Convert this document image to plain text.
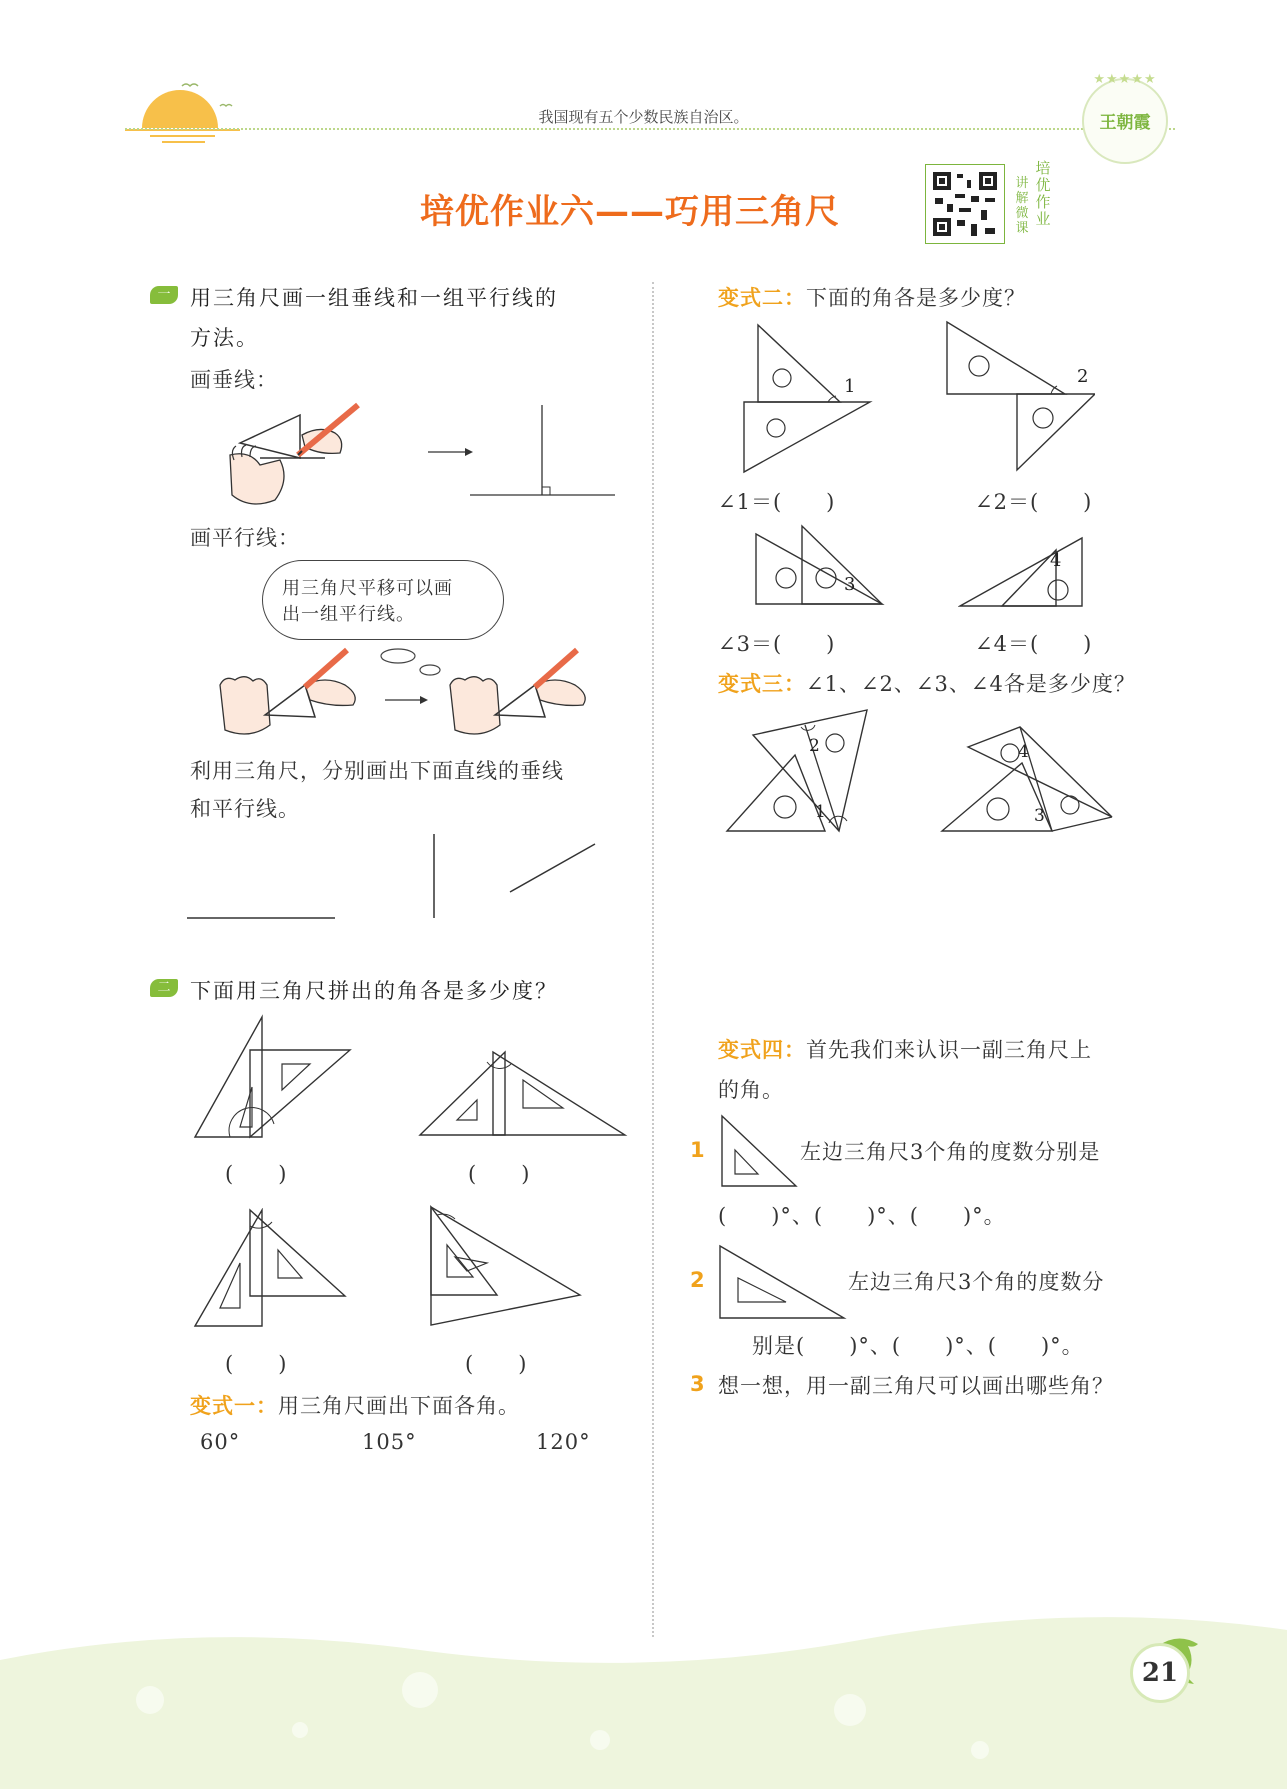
我国现有五个少数民族自治区。
★★★★★
王朝霞
培优作业六——巧用三角尺
培
优
作
业
讲
解
微
课
一 用三角尺画一组垂线和一组平行线的
方法。
画垂线：
画平行线：
用三角尺平移可以画
出一组平行线。
利用三角尺，分别画出下面直线的垂线
和平行线。
二 下面用三角尺拼出的角各是多少度？
(　　)	(　　)
(　　)	(　　)
变式一：用三角尺画出下面各角。
60°	105°	120°
变式二：下面的角各是多少度？
1
∠1＝(　　)
2
∠2＝(　　)
3
∠3＝(　　)
4
∠4＝(　　)
变式三：∠1、∠2、∠3、∠4各是多少度？
2
1
4
3
变式四：首先我们来认识一副三角尺上
的角。
1	左边三角尺3个角的度数分别是
(　　)°、(　　)°、(　　)°。
2	左边三角尺3个角的度数分
别是(　　)°、(　　)°、(　　)°。
3 想一想，用一副三角尺可以画出哪些角？
21
